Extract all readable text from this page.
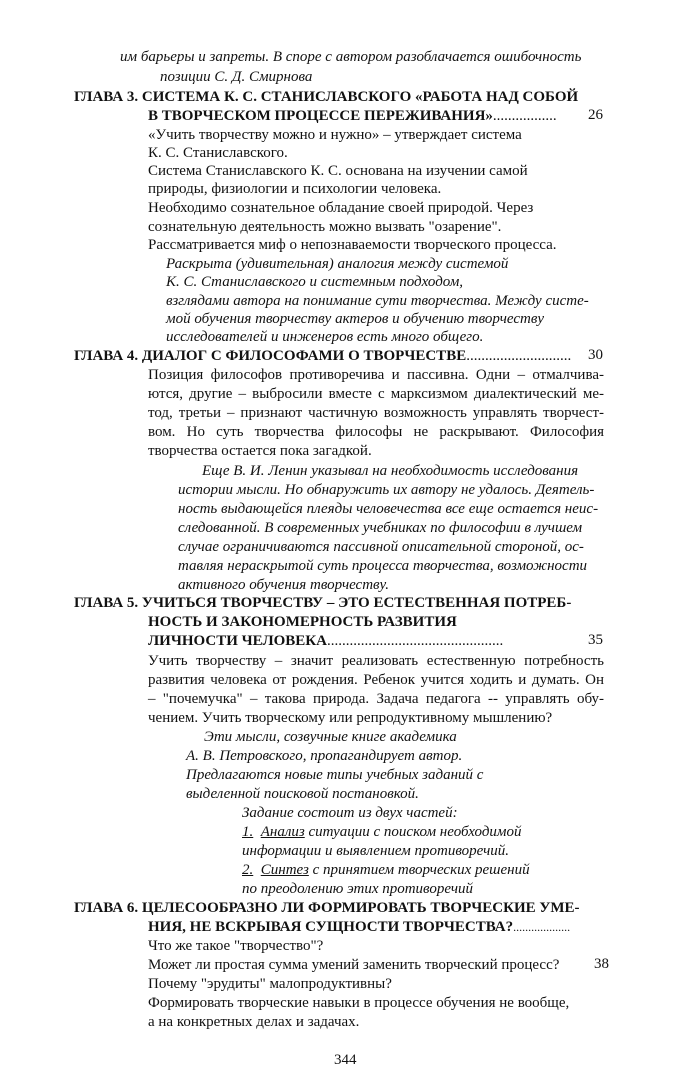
им барьеры и запреты. В споре с автором разоблачается ошибочность
позиции С. Д. Смирнова
ГЛАВА 3. СИСТЕМА К. С. СТАНИСЛАВСКОГО «РАБОТА НАД СОБОЙ
В ТВОРЧЕСКОМ ПРОЦЕССЕ ПЕРЕЖИВАНИЯ»................. 26
«Учить творчеству можно и нужно» – утверждает система
К. С. Станиславского.
Система Станиславского К. С. основана на изучении самой
природы, физиологии и психологии человека.
Необходимо сознательное обладание своей природой. Через
сознательную деятельность можно вызвать "озарение".
Рассматривается миф о непознаваемости творческого процесса.
Раскрыта (удивительная) аналогия между системой
К. С. Станиславского и системным подходом,
взглядами автора на понимание сути творчества. Между систе-
мой обучения творчеству актеров и обучению творчеству
исследователей и инженеров есть много общего.
ГЛАВА 4. ДИАЛОГ С ФИЛОСОФАМИ О ТВОРЧЕСТВЕ............................ 30
Позиция философов противоречива и пассивна. Одни – отмалчива-
ются, другие – выбросили вместе с марксизмом диалектический ме-
тод, третьи – признают частичную возможность управлять творчест-
вом. Но суть творчества философы не раскрывают. Философия
творчества остается пока загадкой.
Еще В. И. Ленин указывал на необходимость исследования
истории мысли. Но обнаружить их автору не удалось. Деятель-
ность выдающейся плеяды человечества все еще остается неис-
следованной. В современных учебниках по философии в лучшем
случае ограничиваются пассивной описательной стороной, ос-
тавляя нераскрытой суть процесса творчества, возможности
активного обучения творчеству.
ГЛАВА 5. УЧИТЬСЯ ТВОРЧЕСТВУ – ЭТО ЕСТЕСТВЕННАЯ ПОТРЕБ-
НОСТЬ И ЗАКОНОМЕРНОСТЬ РАЗВИТИЯ
ЛИЧНОСТИ ЧЕЛОВЕКА...............................................	35
Учить творчеству – значит реализовать естественную потребность
развития человека от рождения. Ребенок учится ходить и думать. Он
– "почемучка" – такова природа. Задача педагога -- управлять обу-
чением. Учить творческому или репродуктивному мышлению?
Эти мысли, созвучные книге академика
А. В. Петровского, пропагандирует автор.
Предлагаются новые типы учебных заданий с
выделенной поисковой постановкой.
Задание состоит из двух частей:
1. Анализ ситуации с поиском необходимой
информации и выявлением противоречий.
2. Синтез с принятием творческих решений
по преодолению этих противоречий
ГЛАВА 6. ЦЕЛЕСООБРАЗНО ЛИ ФОРМИРОВАТЬ ТВОРЧЕСКИЕ УМЕ-
НИЯ, НЕ ВСКРЫВАЯ СУЩНОСТИ ТВОРЧЕСТВА?...................
Что же такое "творчество"?
Может ли простая сумма умений заменить творческий процесс? 38
Почему "эрудиты" малопродуктивны?
Формировать творческие навыки в процессе обучения не вообще,
а на конкретных делах и задачах.
344
